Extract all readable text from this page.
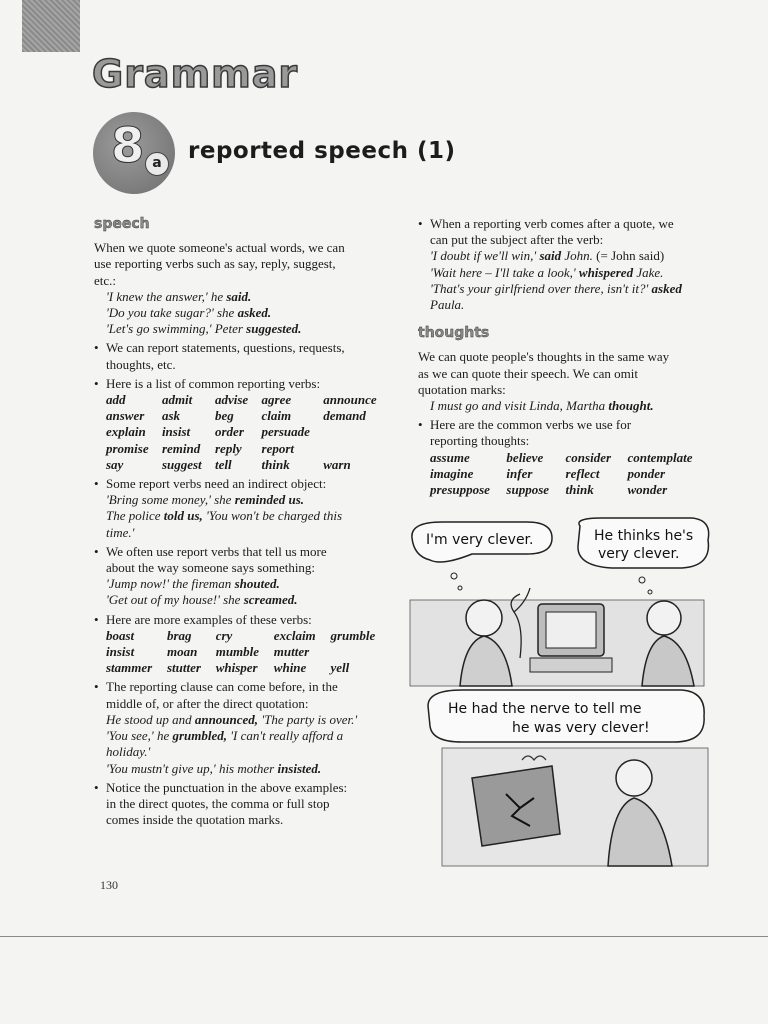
Grammar
8 a	reported speech (1)
speech

When we quote someone's actual words, we can

use reporting verbs such as say, reply, suggest,

etc.:

'I knew the answer,' he said.

'Do you take sugar?' she asked.

'Let's go swimming,' Peter suggested.

• We can report statements, questions, requests,

thoughts, etc.

• Here is a list of common reporting verbs:

add	admit	advise	agree	announce
answer	ask	beg	claim	demand
explain	insist	order	persuade
promise	remind	reply	report
say	suggest	tell	think	warn

• Some report verbs need an indirect object:

'Bring some money,' she reminded us.

The police told us, 'You won't be charged this

time.'

• We often use report verbs that tell us more

about the way someone says something:

'Jump now!' the fireman shouted.

'Get out of my house!' she screamed.

• Here are more examples of these verbs:

boast	brag	cry	exclaim	grumble
insist	moan	mumble	mutter
stammer	stutter	whisper	whine	yell

• The reporting clause can come before, in the

middle of, or after the direct quotation:

He stood up and announced, 'The party is over.'

'You see,' he grumbled, 'I can't really afford a

holiday.'

'You mustn't give up,' his mother insisted.

• Notice the punctuation in the above examples:

in the direct quotes, the comma or full stop

comes inside the quotation marks.

• When a reporting verb comes after a quote, we

can put the subject after the verb:

'I doubt if we'll win,' said John. (= John said)

'Wait here – I'll take a look,' whispered Jake.

'That's your girlfriend over there, isn't it?' asked

Paula.

thoughts

We can quote people's thoughts in the same way

as we can quote their speech. We can omit

quotation marks:

I must go and visit Linda, Martha thought.

• Here are the common verbs we use for

reporting thoughts:

assume	believe	consider	contemplate
imagine	infer	reflect	ponder
presuppose	suppose	think	wonder
I'm very clever.	He thinks he's
very clever.
He had the nerve to tell me
he was very clever!
130
